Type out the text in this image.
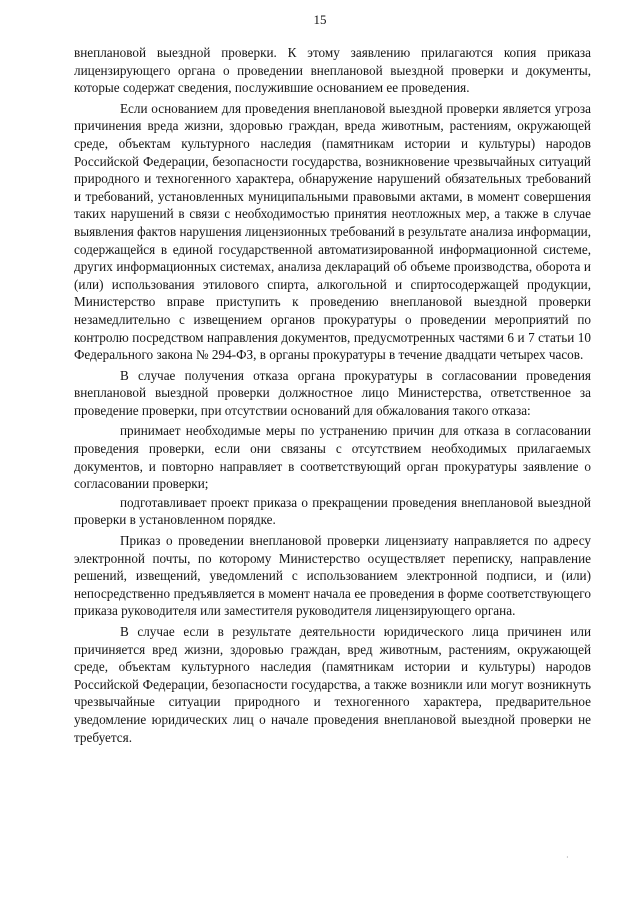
15

внеплановой выездной проверки. К этому заявлению прилагаются копия приказа лицензирующего органа о проведении внеплановой выездной проверки и документы, которые содержат сведения, послужившие основанием ее проведения.

Если основанием для проведения внеплановой выездной проверки является угроза причинения вреда жизни, здоровью граждан, вреда животным, растениям, окружающей среде, объектам культурного наследия (памятникам истории и культуры) народов Российской Федерации, безопасности государства, возникновение чрезвычайных ситуаций природного и техногенного характера, обнаружение нарушений обязательных требований и требований, установленных муниципальными правовыми актами, в момент совершения таких нарушений в связи с необходимостью принятия неотложных мер, а также в случае выявления фактов нарушения лицензионных требований в результате анализа информации, содержащейся в единой государственной автоматизированной информационной системе, других информационных системах, анализа деклараций об объеме производства, оборота и (или) использования этилового спирта, алкогольной и спиртосодержащей продукции, Министерство вправе приступить к проведению внеплановой выездной проверки незамедлительно с извещением органов прокуратуры о проведении мероприятий по контролю посредством направления документов, предусмотренных частями 6 и 7 статьи 10 Федерального закона № 294-ФЗ, в органы прокуратуры в течение двадцати четырех часов.

В случае получения отказа органа прокуратуры в согласовании проведения внеплановой выездной проверки должностное лицо Министерства, ответственное за проведение проверки, при отсутствии оснований для обжалования такого отказа:

принимает необходимые меры по устранению причин для отказа в согласовании проведения проверки, если они связаны с отсутствием необходимых прилагаемых документов, и повторно направляет в соответствующий орган прокуратуры заявление о согласовании проверки;

подготавливает проект приказа о прекращении проведения внеплановой выездной проверки в установленном порядке.

Приказ о проведении внеплановой проверки лицензиату направляется по адресу электронной почты, по которому Министерство осуществляет переписку, направление решений, извещений, уведомлений с использованием электронной подписи, и (или) непосредственно предъявляется в момент начала ее проведения в форме соответствующего приказа руководителя или заместителя руководителя лицензирующего органа.

В случае если в результате деятельности юридического лица причинен или причиняется вред жизни, здоровью граждан, вред животным, растениям, окружающей среде, объектам культурного наследия (памятникам истории и культуры) народов Российской Федерации, безопасности государства, а также возникли или могут возникнуть чрезвычайные ситуации природного и техногенного характера, предварительное уведомление юридических лиц о начале проведения внеплановой выездной проверки не требуется.

·
